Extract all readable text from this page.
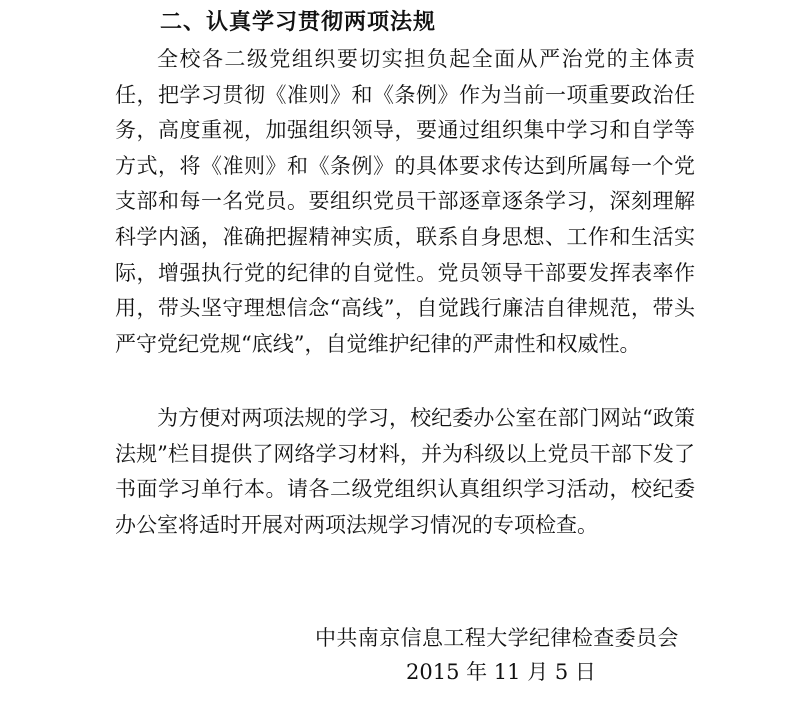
二、认真学习贯彻两项法规

全校各二级党组织要切实担负起全面从严治党的主体责任，把学习贯彻《准则》和《条例》作为当前一项重要政治任务，高度重视，加强组织领导，要通过组织集中学习和自学等方式，将《准则》和《条例》的具体要求传达到所属每一个党支部和每一名党员。要组织党员干部逐章逐条学习，深刻理解科学内涵，准确把握精神实质，联系自身思想、工作和生活实际，增强执行党的纪律的自觉性。党员领导干部要发挥表率作用，带头坚守理想信念“高线”，自觉践行廉洁自律规范，带头严守党纪党规“底线”，自觉维护纪律的严肃性和权威性。

为方便对两项法规的学习，校纪委办公室在部门网站“政策法规”栏目提供了网络学习材料，并为科级以上党员干部下发了书面学习单行本。请各二级党组织认真组织学习活动，校纪委办公室将适时开展对两项法规学习情况的专项检查。

中共南京信息工程大学纪律检查委员会

2015 年 11 月 5 日
